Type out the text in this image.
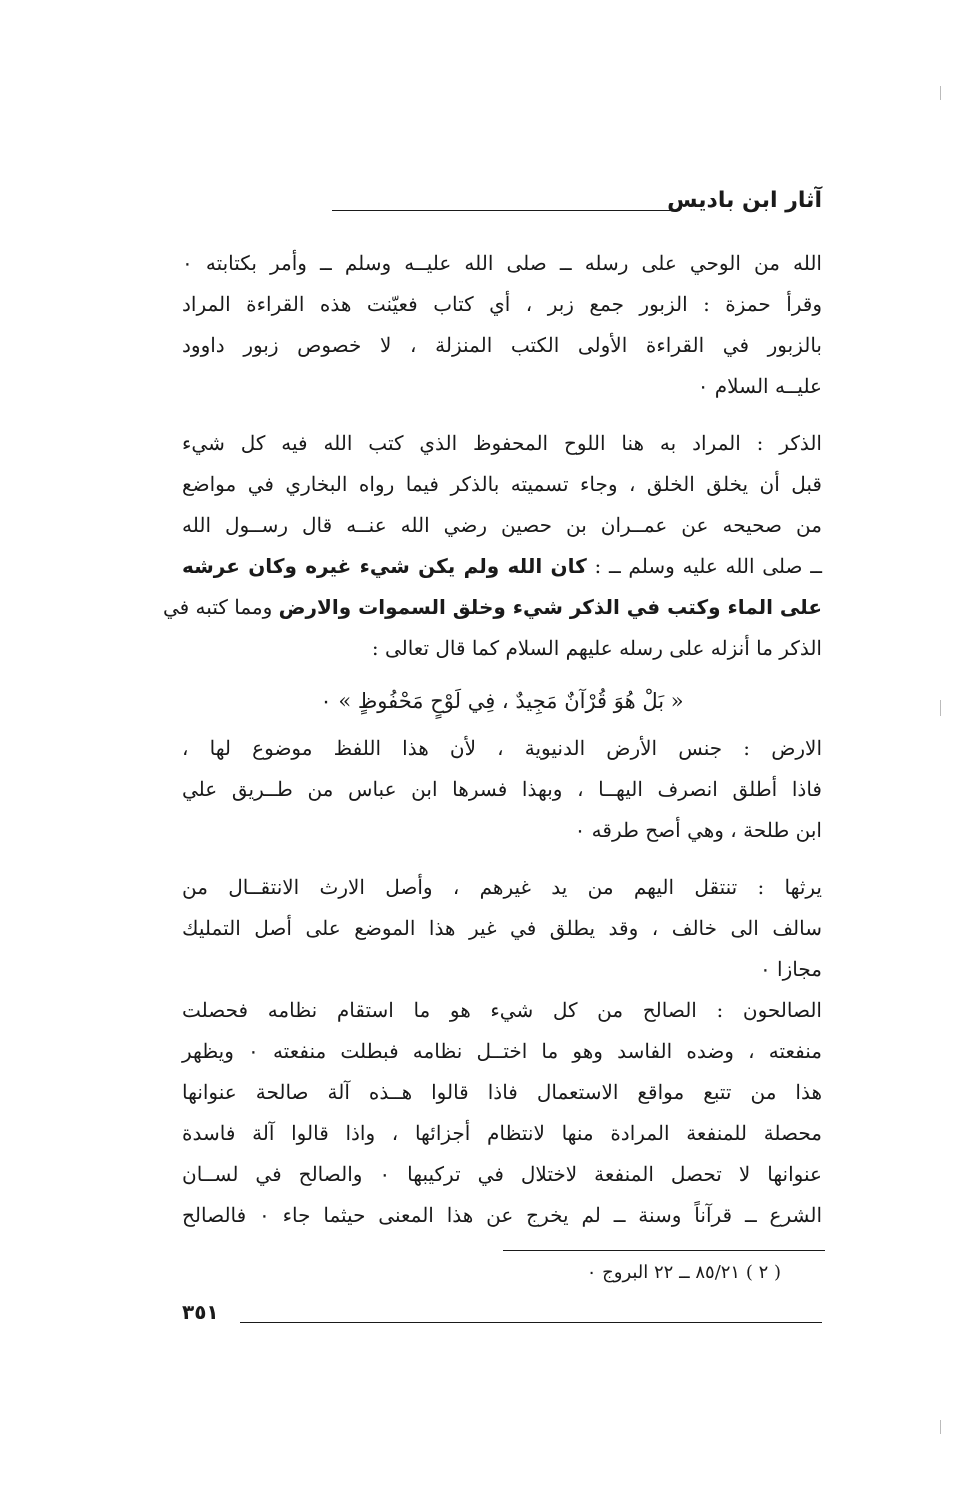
آثار ابن باديس
الله من الوحي على رسله ــ صلى الله عليــه وسلم ــ وأمر بكتابته ٠
وقرأ حمزة : الزبور جمع زبر ، أي كتاب فعيّنت هذه القراءة المراد
بالزبور في القراءة الأولى الكتب المنزلة ، لا خصوص زبور داوود
عليــه السلام ٠
الذكر : المراد به هنا اللوح المحفوظ الذي كتب الله فيه كل شيء
قبل أن يخلق الخلق ، وجاء تسميته بالذكر فيما رواه البخاري في مواضع
من صحيحه عن عمــران بن حصين رضي الله عنــه قال رســول الله
ــ صلى الله عليه وسلم ــ : كان الله ولم يكن شيء غيره وكان عرشه
على الماء وكتب في الذكر شيء وخلق السموات والارض ومما كتبه في
الذكر ما أنزله على رسله عليهم السلام كما قال تعالى :
« بَلْ هُوَ قُرْآنٌ مَجِيدٌ ، فِي لَوْحٍ مَحْفُوظٍ » ٠
الارض : جنس الأرض الدنيوية ، لأن هذا اللفظ موضوع لها ،
فاذا أطلق انصرف اليهــا ، وبهذا فسرها ابن عباس من طــريق علي
ابن طلحة ، وهي أصح طرقه ٠
يرثها : تنتقل اليهم من يد غيرهم ، وأصل الارث الانتقــال من
سالف الى خالف ، وقد يطلق في غير هذا الموضع على أصل التمليك
مجازا ٠
الصالحون : الصالح من كل شيء هو ما استقام نظامه فحصلت
منفعته ، وضده الفاسد وهو ما اختــل نظامه فبطلت منفعته ٠ ويظهر
هذا من تتبع مواقع الاستعمال فاذا قالوا هــذه آلة صالحة عنوانها
محصلة للمنفعة المرادة منها لانتظام أجزائها ، واذا قالوا آلة فاسدة
عنوانها لا تحصل المنفعة لاختلال في تركيبها ٠ والصالح في لســان
الشرع ــ قرآناً وسنة ــ لم يخرج عن هذا المعنى حيثما جاء ٠ فالصالح
( ٢ ) ٨٥/٢١ ــ ٢٢ البروج ٠
٣٥١
